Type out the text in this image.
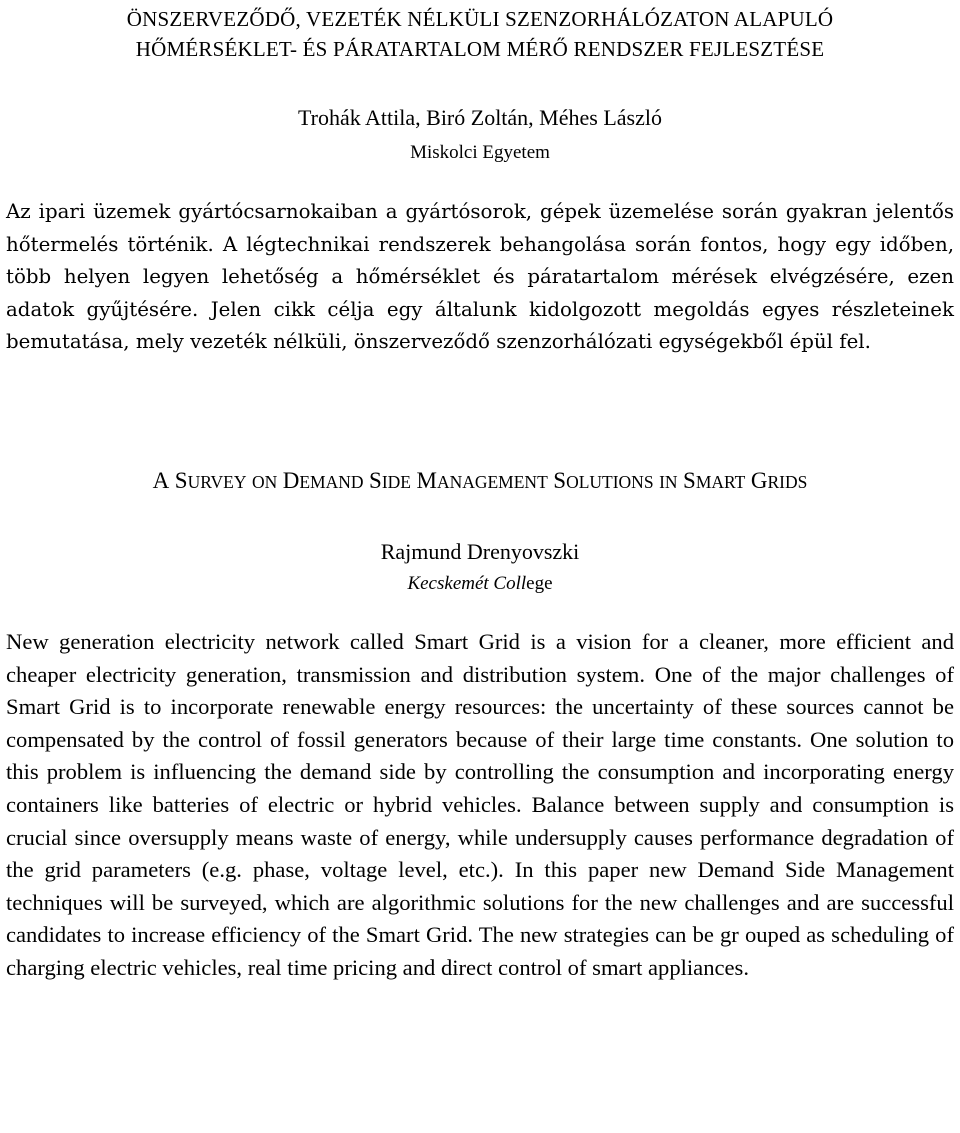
ÖNSZERVEZŐDŐ, VEZETÉK NÉLKÜLI SZENZORHÁLÓZATON ALAPULÓ
HŐMÉRSÉKLET- ÉS PÁRATARTALOM MÉRŐ RENDSZER FEJLESZTÉSE
Trohák Attila, Biró Zoltán, Méhes László
Miskolci Egyetem

Az ipari üzemek gyártócsarnokaiban a gyártósorok, gépek üzemelése során gyakran jelentős hőtermelés történik. A légtechnikai rendszerek behangolása során fontos, hogy egy időben, több helyen legyen lehetőség a hőmérséklet és páratartalom mérések elvégzésére, ezen adatok gyűjtésére. Jelen cikk célja egy általunk kidolgozott megoldás egyes részleteinek bemutatása, mely vezeték nélküli, önszerveződő szenzorhálózati egységekből épül fel.

A SURVEY ON DEMAND SIDE MANAGEMENT SOLUTIONS IN SMART GRIDS
Rajmund Drenyovszki
Kecskemét College

New generation electricity network called Smart Grid is a vision for a cleaner, more efficient and cheaper electricity generation, transmission and distribution system. One of the major challenges of Smart Grid is to incorporate renewable energy resources: the uncertainty of these sources cannot be compensated by the control of fossil generators because of their large time constants. One solution to this problem is influencing the demand side by controlling the consumption and incorporating energy containers like batteries of electric or hybrid vehicles. Balance between supply and consumption is crucial since oversupply means waste of energy, while undersupply causes performance degradation of the grid parameters (e.g. phase, voltage level, etc.). In this paper new Demand Side Management techniques will be surveyed, which are algorithmic solutions for the new challenges and are successful candidates to increase efficiency of the Smart Grid. The new strategies can be gr ouped as scheduling of charging electric vehicles, real time pricing and direct control of smart appliances.
